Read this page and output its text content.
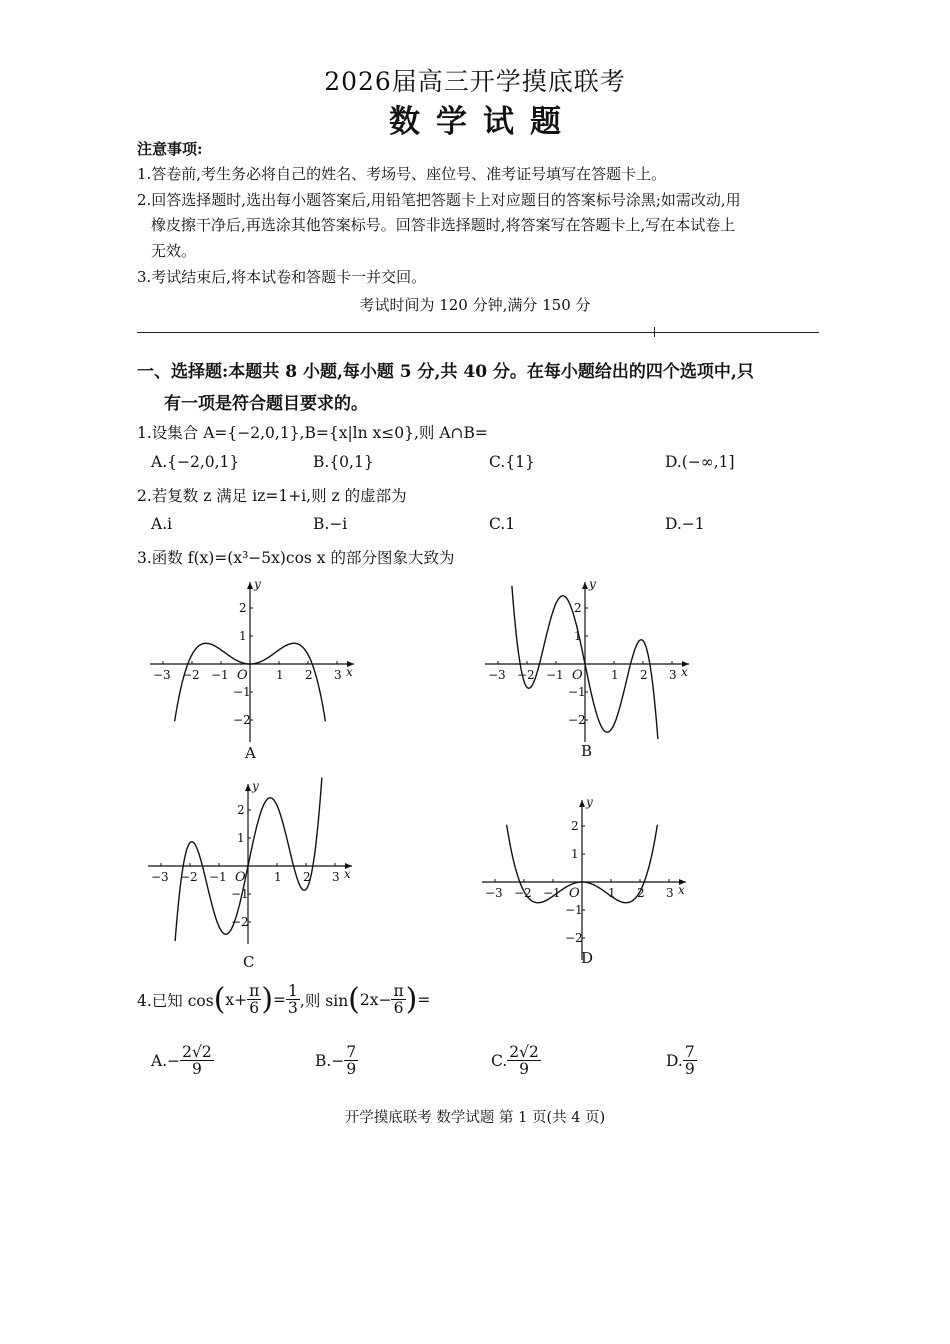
2026届高三开学摸底联考
数学试题
注意事项:
1.答卷前,考生务必将自己的姓名、考场号、座位号、准考证号填写在答题卡上。
2.回答选择题时,选出每小题答案后,用铅笔把答题卡上对应题目的答案标号涂黑;如需改动,用
橡皮擦干净后,再选涂其他答案标号。回答非选择题时,将答案写在答题卡上,写在本试卷上
无效。
3.考试结束后,将本试卷和答题卡一并交回。
考试时间为 120 分钟,满分 150 分
一、选择题:本题共 8 小题,每小题 5 分,共 40 分。在每小题给出的四个选项中,只
有一项是符合题目要求的。
1.设集合 A={−2,0,1},B={x|ln x≤0},则 A∩B=
A.{−2,0,1}	B.{0,1}	C.{1}	D.(−∞,1]
2.若复数 z 满足 iz=1+i,则 z 的虚部为
A.i	B.−i	C.1	D.−1
3.函数 f(x)=(x³−5x)cos x 的部分图象大致为
−3 −2 −1	1 2 3
2
1
−1
−2
O	x
y
−3 −2 −1	1 2 3
2
1
−1
−2
O	x
y
−3 −2 −1	1 2 3
2
1
−1
−2
O	x
y
−3 −2 −1	1 2 3
2
1
−1
−2
O	x
y
A	B
C	D
4.已知 cos ( $x+ \frac{\pi}{6}$ ) = $\frac{1}{3}$ ,则 sin ( $2x- \frac{\pi}{6}$ ) =
$A.- \frac{2√2}{9}$	$B.- \frac{7}{9}$	C. $\frac{2√2}{9}$	D. $\frac{7}{9}$
开学摸底联考 数学试题 第 1 页(共 4 页)
